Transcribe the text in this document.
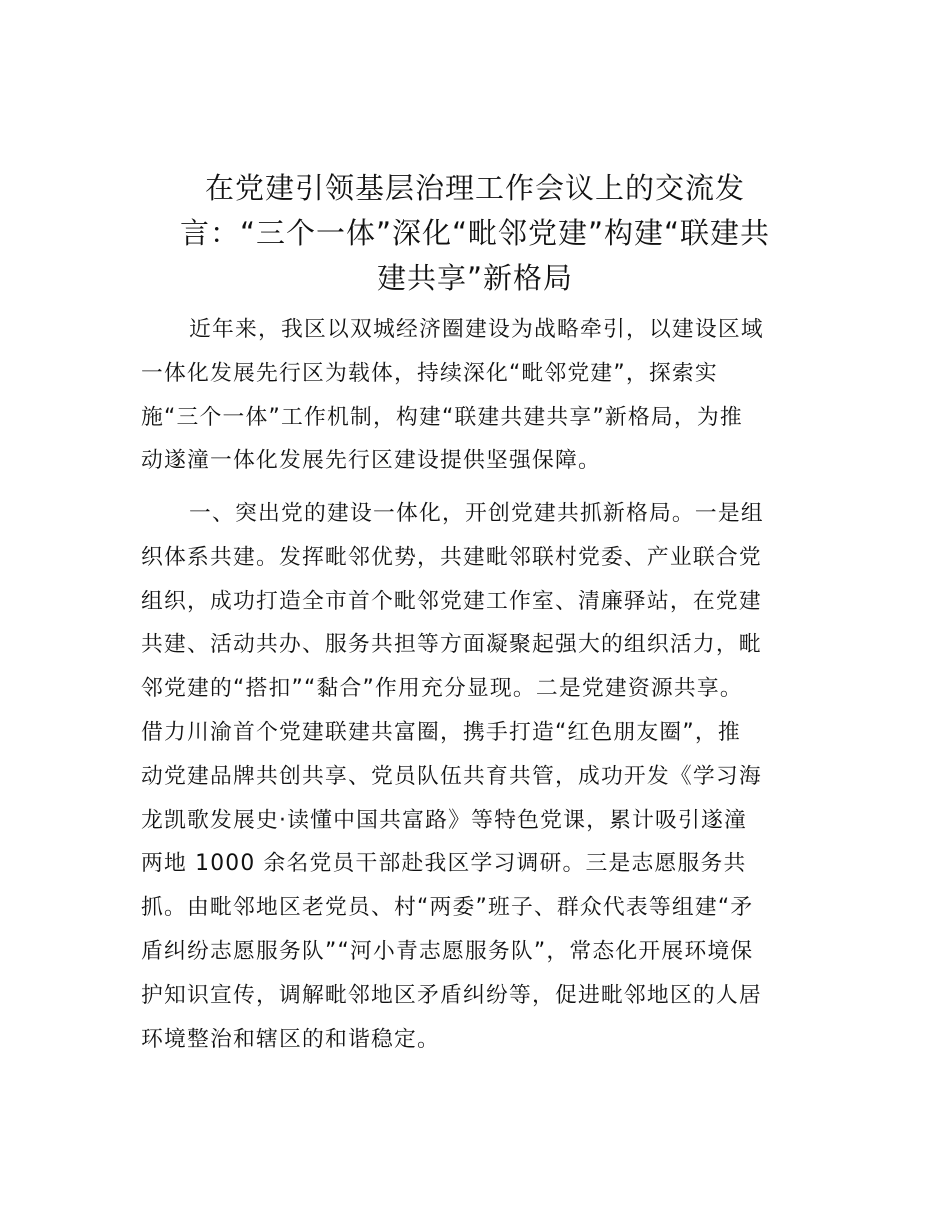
在党建引领基层治理工作会议上的交流发
言：“三个一体”深化“毗邻党建”构建“联建共
建共享”新格局

近年来，我区以双城经济圈建设为战略牵引，以建设区域
一体化发展先行区为载体，持续深化“毗邻党建”，探索实
施“三个一体”工作机制，构建“联建共建共享”新格局，为推
动遂潼一体化发展先行区建设提供坚强保障。

一、突出党的建设一体化，开创党建共抓新格局。一是组
织体系共建。发挥毗邻优势，共建毗邻联村党委、产业联合党
组织，成功打造全市首个毗邻党建工作室、清廉驿站，在党建
共建、活动共办、服务共担等方面凝聚起强大的组织活力，毗
邻党建的“搭扣”“黏合”作用充分显现。二是党建资源共享。
借力川渝首个党建联建共富圈，携手打造“红色朋友圈”，推
动党建品牌共创共享、党员队伍共育共管，成功开发《学习海
龙凯歌发展史·读懂中国共富路》等特色党课，累计吸引遂潼
两地 1000 余名党员干部赴我区学习调研。三是志愿服务共
抓。由毗邻地区老党员、村“两委”班子、群众代表等组建“矛
盾纠纷志愿服务队”“河小青志愿服务队”，常态化开展环境保
护知识宣传，调解毗邻地区矛盾纠纷等，促进毗邻地区的人居
环境整治和辖区的和谐稳定。
